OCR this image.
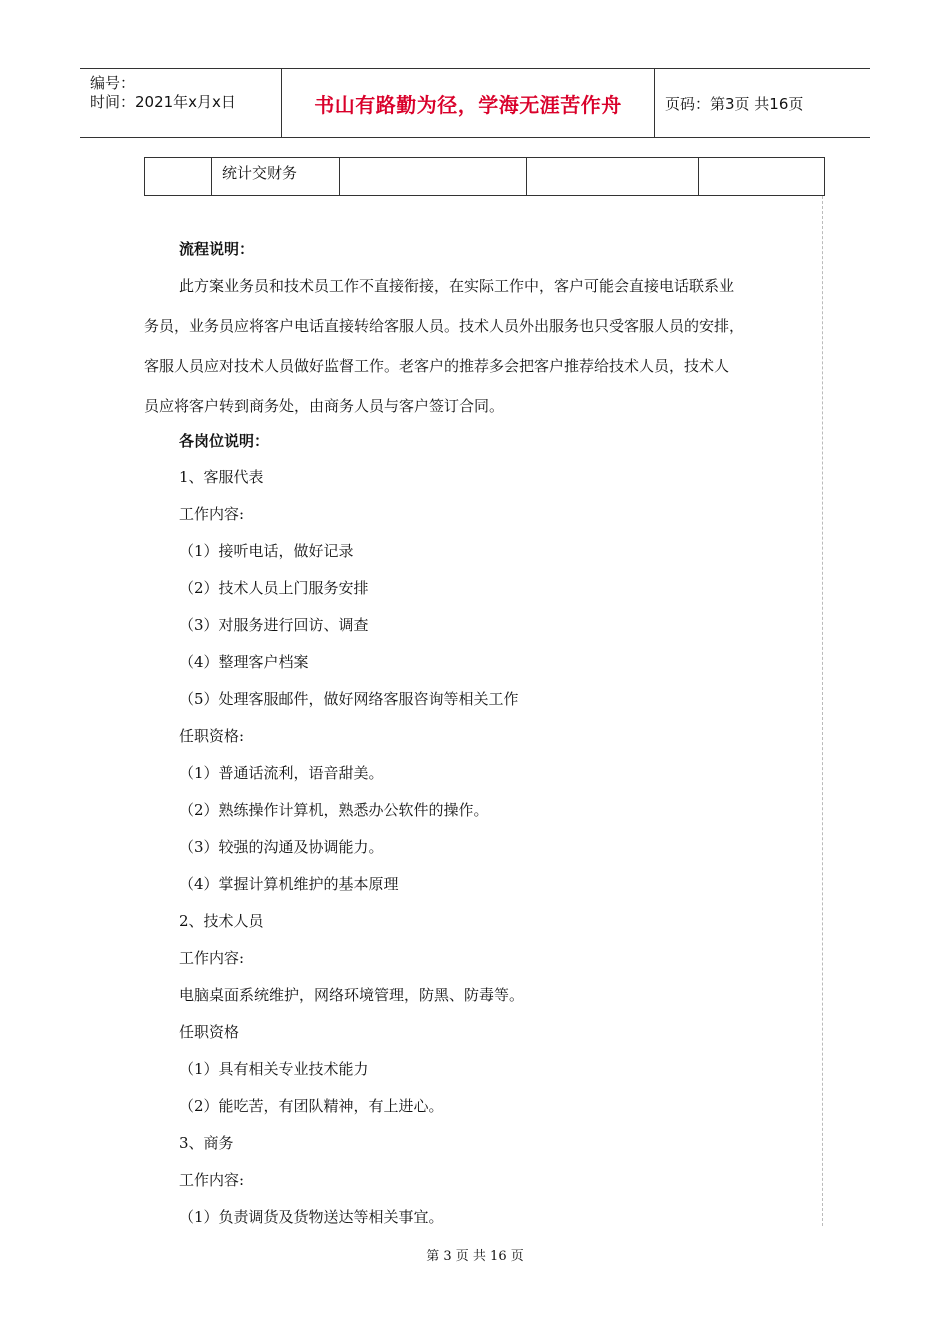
编号：
时间：2021年x月x日	书山有路勤为径，学海无涯苦作舟	页码：第3页 共16页
	统计交财务			
流程说明：
此方案业务员和技术员工作不直接衔接，在实际工作中，客户可能会直接电话联系业
务员，业务员应将客户电话直接转给客服人员。技术人员外出服务也只受客服人员的安排，
客服人员应对技术人员做好监督工作。老客户的推荐多会把客户推荐给技术人员，技术人
员应将客户转到商务处，由商务人员与客户签订合同。
各岗位说明：
1、客服代表
工作内容:
（1）接听电话，做好记录
（2）技术人员上门服务安排
（3）对服务进行回访、调查
（4）整理客户档案
（5）处理客服邮件，做好网络客服咨询等相关工作
任职资格:
（1）普通话流利，语音甜美。
（2）熟练操作计算机，熟悉办公软件的操作。
（3）较强的沟通及协调能力。
（4）掌握计算机维护的基本原理
2、技术人员
工作内容:
电脑桌面系统维护，网络环境管理，防黑、防毒等。
任职资格
（1）具有相关专业技术能力
（2）能吃苦，有团队精神，有上进心。
3、商务
工作内容:
（1）负责调货及货物送达等相关事宜。
第 3 页 共 16 页
